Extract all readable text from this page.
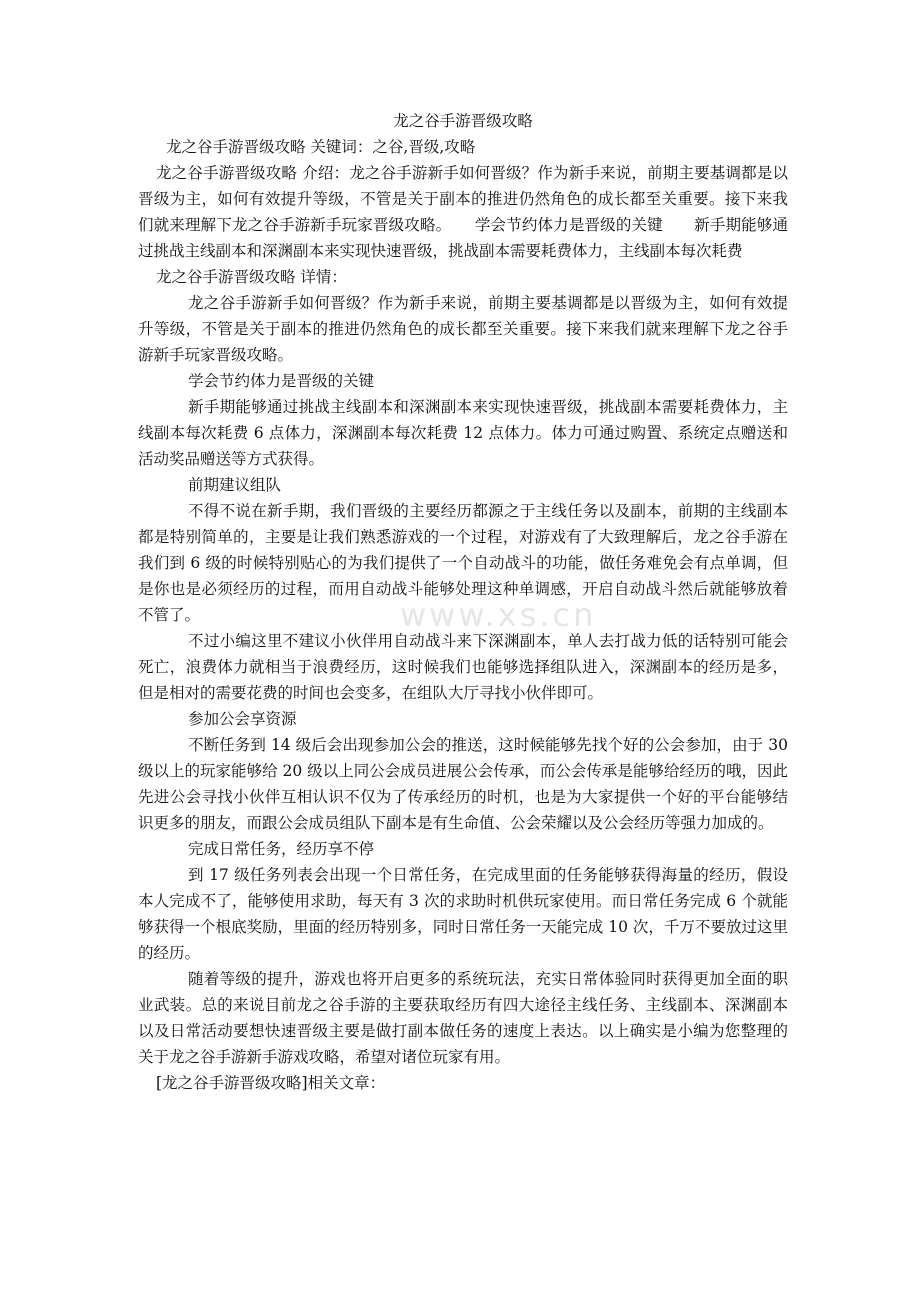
龙之谷手游晋级攻略
龙之谷手游晋级攻略 关键词：之谷,晋级,攻略

龙之谷手游晋级攻略 介绍：龙之谷手游新手如何晋级？作为新手来说，前期主要基调都是以晋级为主，如何有效提升等级，不管是关于副本的推进仍然角色的成长都至关重要。接下来我们就来理解下龙之谷手游新手玩家晋级攻略。　　学会节约体力是晋级的关键　　新手期能够通过挑战主线副本和深渊副本来实现快速晋级，挑战副本需要耗费体力，主线副本每次耗费

龙之谷手游晋级攻略 详情：

龙之谷手游新手如何晋级？作为新手来说，前期主要基调都是以晋级为主，如何有效提升等级，不管是关于副本的推进仍然角色的成长都至关重要。接下来我们就来理解下龙之谷手游新手玩家晋级攻略。

学会节约体力是晋级的关键

新手期能够通过挑战主线副本和深渊副本来实现快速晋级，挑战副本需要耗费体力，主线副本每次耗费 6 点体力，深渊副本每次耗费 12 点体力。体力可通过购置、系统定点赠送和活动奖品赠送等方式获得。

前期建议组队

不得不说在新手期，我们晋级的主要经历都源之于主线任务以及副本，前期的主线副本都是特别简单的，主要是让我们熟悉游戏的一个过程，对游戏有了大致理解后，龙之谷手游在我们到 6 级的时候特别贴心的为我们提供了一个自动战斗的功能，做任务难免会有点单调，但是你也是必须经历的过程，而用自动战斗能够处理这种单调感，开启自动战斗然后就能够放着不管了。

不过小编这里不建议小伙伴用自动战斗来下深渊副本，单人去打战力低的话特别可能会死亡，浪费体力就相当于浪费经历，这时候我们也能够选择组队进入，深渊副本的经历是多，但是相对的需要花费的时间也会变多，在组队大厅寻找小伙伴即可。

参加公会享资源

不断任务到 14 级后会出现参加公会的推送，这时候能够先找个好的公会参加，由于 30 级以上的玩家能够给 20 级以上同公会成员进展公会传承，而公会传承是能够给经历的哦，因此先进公会寻找小伙伴互相认识不仅为了传承经历的时机，也是为大家提供一个好的平台能够结识更多的朋友，而跟公会成员组队下副本是有生命值、公会荣耀以及公会经历等强力加成的。

完成日常任务，经历享不停

到 17 级任务列表会出现一个日常任务，在完成里面的任务能够获得海量的经历，假设本人完成不了，能够使用求助，每天有 3 次的求助时机供玩家使用。而日常任务完成 6 个就能够获得一个根底奖励，里面的经历特别多，同时日常任务一天能完成 10 次，千万不要放过这里的经历。

随着等级的提升，游戏也将开启更多的系统玩法，充实日常体验同时获得更加全面的职业武装。总的来说目前龙之谷手游的主要获取经历有四大途径主线任务、主线副本、深渊副本以及日常活动要想快速晋级主要是做打副本做任务的速度上表达。以上确实是小编为您整理的关于龙之谷手游新手游戏攻略，希望对诸位玩家有用。

[龙之谷手游晋级攻略]相关文章：
www.xs.cn
